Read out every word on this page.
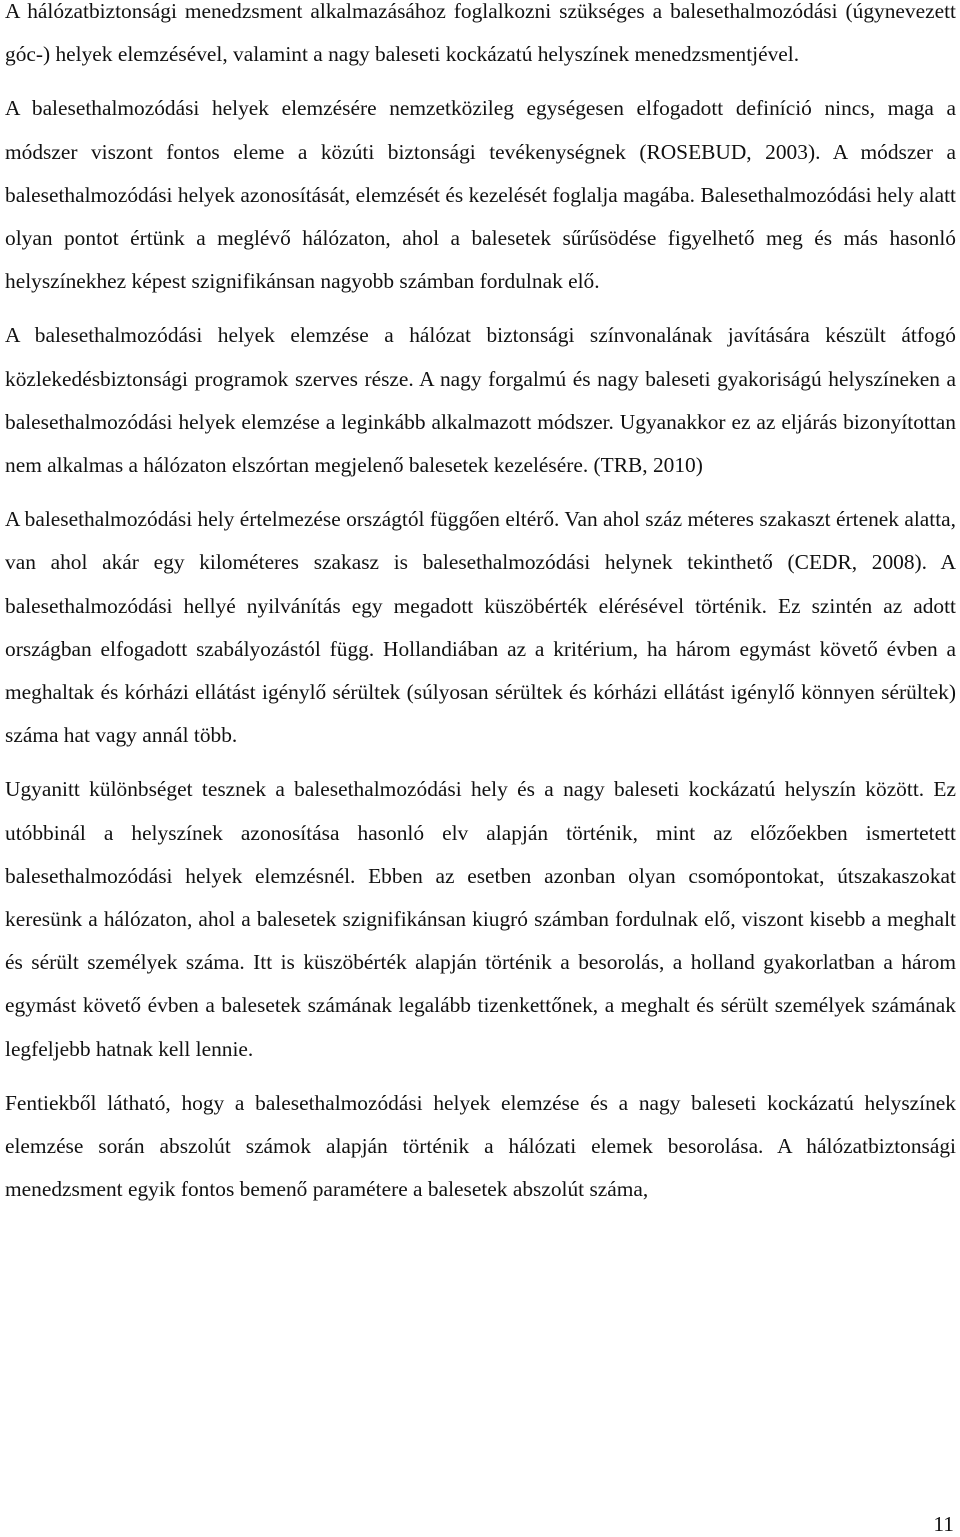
A hálózatbiztonsági menedzsment alkalmazásához foglalkozni szükséges a balesethalmozódási (úgynevezett góc-) helyek elemzésével, valamint a nagy baleseti kockázatú helyszínek menedzsmentjével.

A balesethalmozódási helyek elemzésére nemzetközileg egységesen elfogadott definíció nincs, maga a módszer viszont fontos eleme a közúti biztonsági tevékenységnek (ROSEBUD, 2003). A módszer a balesethalmozódási helyek azonosítását, elemzését és kezelését foglalja magába. Balesethalmozódási hely alatt olyan pontot értünk a meglévő hálózaton, ahol a balesetek sűrűsödése figyelhető meg és más hasonló helyszínekhez képest szignifikánsan nagyobb számban fordulnak elő.

A balesethalmozódási helyek elemzése a hálózat biztonsági színvonalának javítására készült átfogó közlekedésbiztonsági programok szerves része. A nagy forgalmú és nagy baleseti gyakoriságú helyszíneken a balesethalmozódási helyek elemzése a leginkább alkalmazott módszer. Ugyanakkor ez az eljárás bizonyítottan nem alkalmas a hálózaton elszórtan megjelenő balesetek kezelésére. (TRB, 2010)

A balesethalmozódási hely értelmezése országtól függően eltérő. Van ahol száz méteres szakaszt értenek alatta, van ahol akár egy kilométeres szakasz is balesethalmozódási helynek tekinthető (CEDR, 2008). A balesethalmozódási hellyé nyilvánítás egy megadott küszöbérték elérésével történik. Ez szintén az adott országban elfogadott szabályozástól függ. Hollandiában az a kritérium, ha három egymást követő évben a meghaltak és kórházi ellátást igénylő sérültek (súlyosan sérültek és kórházi ellátást igénylő könnyen sérültek) száma hat vagy annál több.

Ugyanitt különbséget tesznek a balesethalmozódási hely és a nagy baleseti kockázatú helyszín között. Ez utóbbinál a helyszínek azonosítása hasonló elv alapján történik, mint az előzőekben ismertetett balesethalmozódási helyek elemzésnél. Ebben az esetben azonban olyan csomópontokat, útszakaszokat keresünk a hálózaton, ahol a balesetek szignifikánsan kiugró számban fordulnak elő, viszont kisebb a meghalt és sérült személyek száma. Itt is küszöbérték alapján történik a besorolás, a holland gyakorlatban a három egymást követő évben a balesetek számának legalább tizenkettőnek, a meghalt és sérült személyek számának legfeljebb hatnak kell lennie.

Fentiekből látható, hogy a balesethalmozódási helyek elemzése és a nagy baleseti kockázatú helyszínek elemzése során abszolút számok alapján történik a hálózati elemek besorolása. A hálózatbiztonsági menedzsment egyik fontos bemenő paramétere a balesetek abszolút száma,

11
